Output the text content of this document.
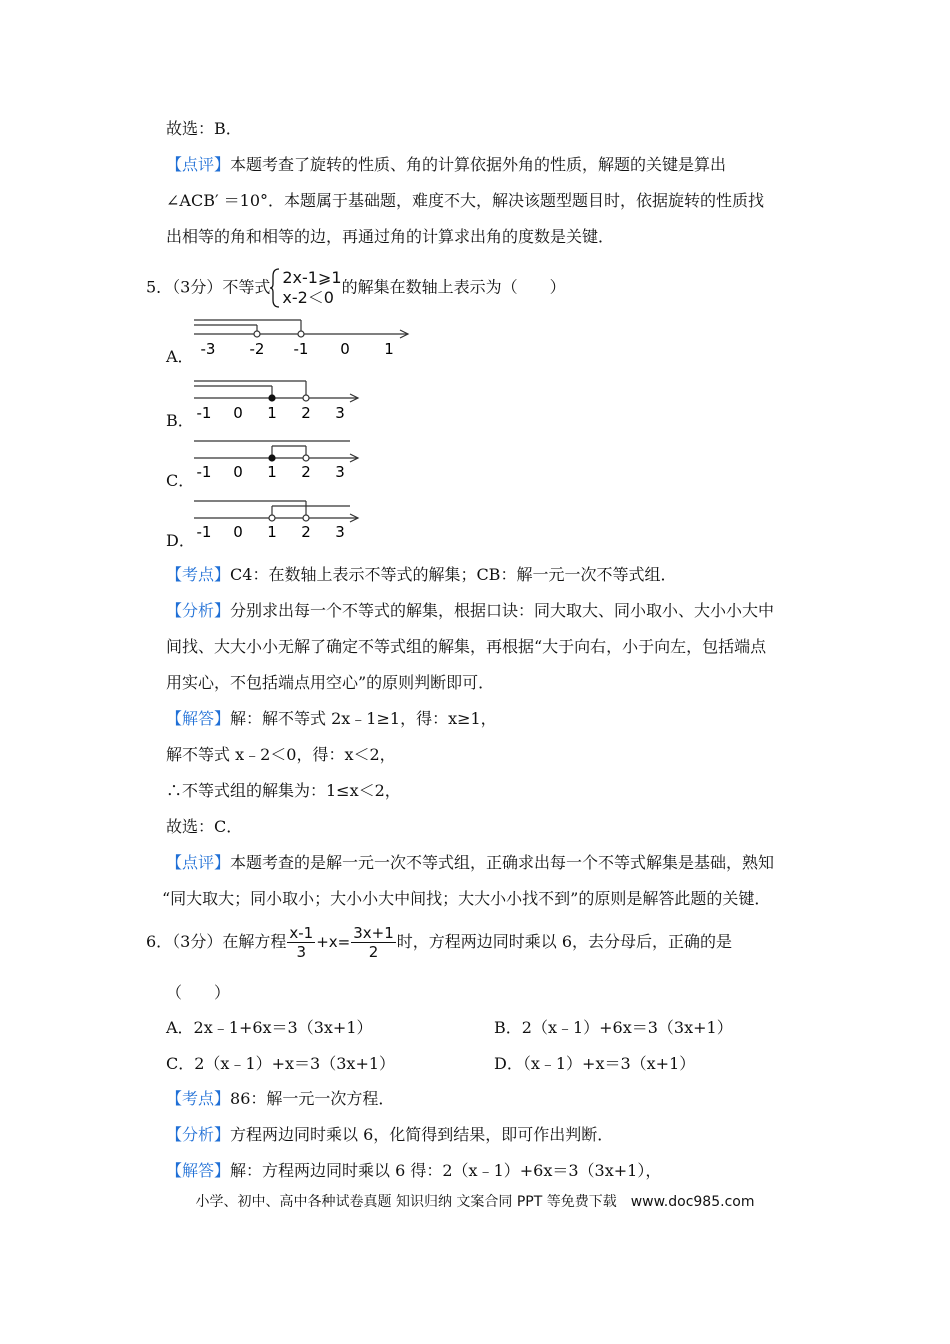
故选：B．
【点评】本题考查了旋转的性质、角的计算依据外角的性质，解题的关键是算出
∠ACB′ ＝10°．本题属于基础题，难度不大，解决该题型题目时，依据旋转的性质找
出相等的角和相等的边，再通过角的计算求出角的度数是关键．
5．（3分）不等式 2x-1⩾1
x-2＜0
的解集在数轴上表示为（　　）
A． -3 -2 -1 0 1
B． -1 0 1 2 3
C． -1 0 1 2 3
D． -1 0 1 2 3
【考点】C4：在数轴上表示不等式的解集；CB：解一元一次不等式组．
【分析】分别求出每一个不等式的解集，根据口诀：同大取大、同小取小、大小小大中
间找、大大小小无解了确定不等式组的解集，再根据“大于向右，小于向左，包括端点
用实心，不包括端点用空心”的原则判断即可．
【解答】解：解不等式 2x﹣1≥1，得：x≥1，
解不等式 x﹣2＜0，得：x＜2，
∴不等式组的解集为：1≤x＜2，
故选：C．
【点评】本题考查的是解一元一次不等式组，正确求出每一个不等式解集是基础，熟知
“同大取大；同小取小；大小小大中间找；大大小小找不到”的原则是解答此题的关键．
6．（3分）在解方程 $\frac{x-1}{3} +x= \frac{3x+1}{2}$ 时，方程两边同时乘以 6，去分母后，正确的是
（　　）
A．2x﹣1+6x＝3（3x+1）	B．2（x﹣1）+6x＝3（3x+1）
C．2（x﹣1）+x＝3（3x+1）	D．（x﹣1）+x＝3（x+1）
【考点】86：解一元一次方程．
【分析】方程两边同时乘以 6，化简得到结果，即可作出判断．
【解答】解：方程两边同时乘以 6 得：2（x﹣1）+6x＝3（3x+1），
小学、初中、高中各种试卷真题 知识归纳 文案合同 PPT 等免费下载　www.doc985.com
